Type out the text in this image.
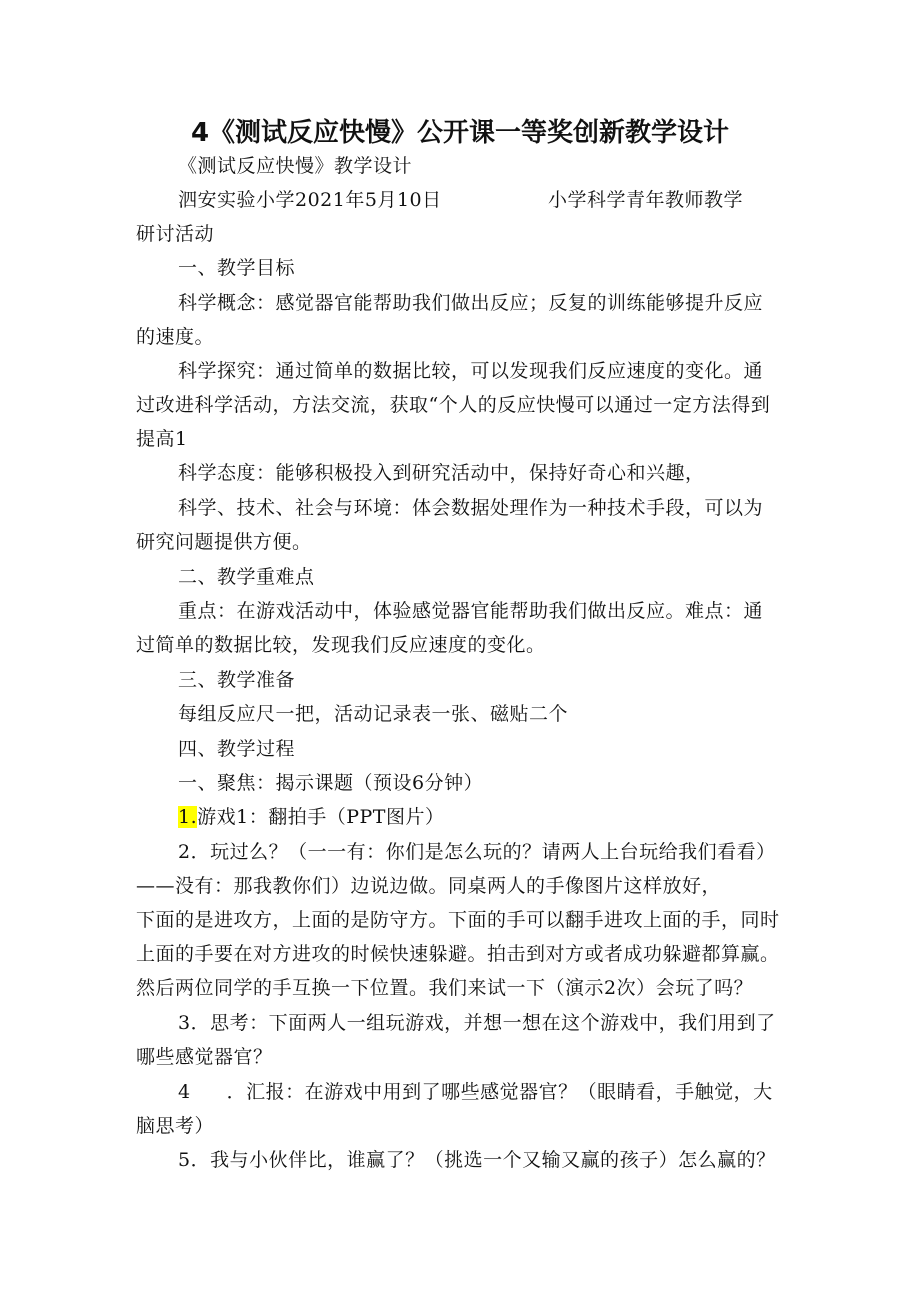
4《测试反应快慢》公开课一等奖创新教学设计
《测试反应快慢》教学设计
泗安实验小学2021年5月10日	小学科学青年教师教学
研讨活动
一、教学目标
科学概念：感觉器官能帮助我们做出反应；反复的训练能够提升反应
的速度。
科学探究：通过简单的数据比较，可以发现我们反应速度的变化。通
过改进科学活动，方法交流，获取“个人的反应快慢可以通过一定方法得到
提高1
科学态度：能够积极投入到研究活动中，保持好奇心和兴趣，
科学、技术、社会与环境：体会数据处理作为一种技术手段，可以为
研究问题提供方便。
二、教学重难点
重点：在游戏活动中，体验感觉器官能帮助我们做出反应。难点：通
过简单的数据比较，发现我们反应速度的变化。
三、教学准备
每组反应尺一把，活动记录表一张、磁贴二个
四、教学过程
一、聚焦：揭示课题（预设6分钟）
1.游戏1：翻拍手（PPT图片）
2．玩过么？（一一有：你们是怎么玩的？请两人上台玩给我们看看）
——没有：那我教你们）边说边做。同桌两人的手像图片这样放好，
下面的是进攻方，上面的是防守方。下面的手可以翻手进攻上面的手，同时
上面的手要在对方进攻的时候快速躲避。拍击到对方或者成功躲避都算赢。
然后两位同学的手互换一下位置。我们来试一下（演示2次）会玩了吗？
3．思考：下面两人一组玩游戏，并想一想在这个游戏中，我们用到了
哪些感觉器官？
4 ．汇报：在游戏中用到了哪些感觉器官？（眼睛看，手触觉，大
脑思考）
5．我与小伙伴比，谁赢了？（挑选一个又输又赢的孩子）怎么赢的？
